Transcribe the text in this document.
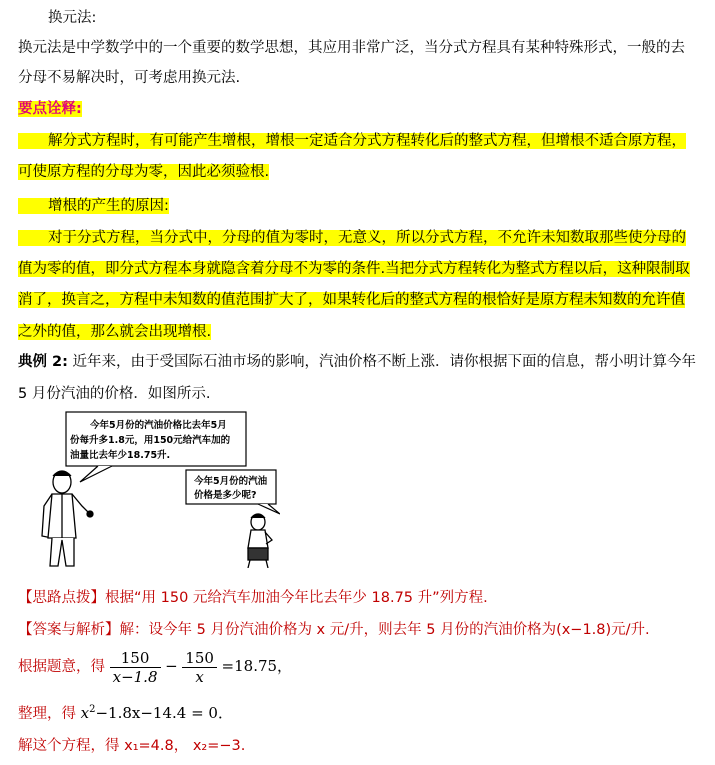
换元法:
换元法是中学数学中的一个重要的数学思想，其应用非常广泛，当分式方程具有某种特殊形式，一般的去
分母不易解决时，可考虑用换元法.
要点诠释:
解分式方程时，有可能产生增根，增根一定适合分式方程转化后的整式方程，但增根不适合原方程，
可使原方程的分母为零，因此必须验根.
增根的产生的原因:
对于分式方程，当分式中，分母的值为零时，无意义，所以分式方程，不允许未知数取那些使分母的
值为零的值，即分式方程本身就隐含着分母不为零的条件.当把分式方程转化为整式方程以后，这种限制取
消了，换言之，方程中未知数的值范围扩大了，如果转化后的整式方程的根恰好是原方程未知数的允许值
之外的值，那么就会出现增根.
典例 2: 近年来，由于受国际石油市场的影响，汽油价格不断上涨．请你根据下面的信息，帮小明计算今年
5 月份汽油的价格．如图所示.
今年5月份的汽油价格比去年5月
份每升多1.8元，用150元给汽车加的
油量比去年少18.75升.
今年5月份的汽油
价格是多少呢?
【思路点拨】根据“用 150 元给汽车加油今年比去年少 18.75 升”列方程.
【答案与解析】解：设今年 5 月份汽油价格为 x 元/升，则去年 5 月份的汽油价格为(x−1.8)元/升.
根据题意，得 $\frac{150}{x-1.8} - \frac{150}{x} =18.75$，
整理，得 $x^2-1.8x-14.4 = 0$．
解这个方程，得 x₁=4.8， x₂=−3.
